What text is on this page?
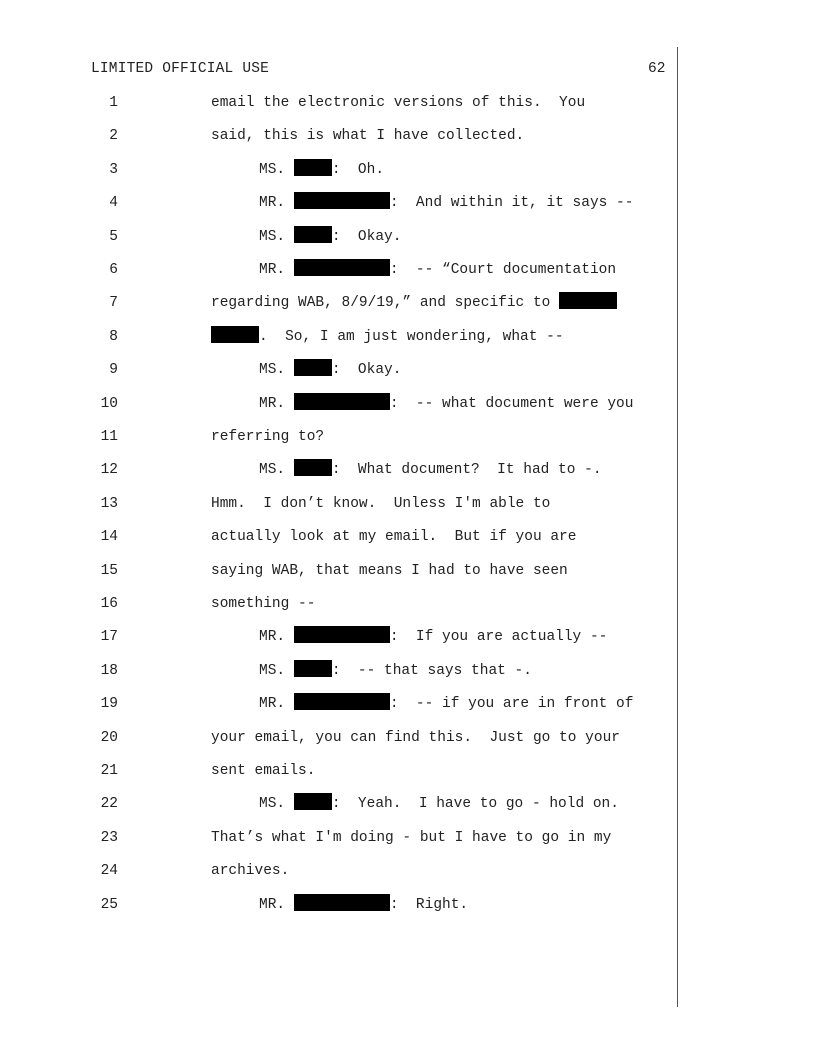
LIMITED OFFICIAL USE	62
1	email the electronic versions of this.  You
2	said, this is what I have collected.
3	MS.	:  Oh.
4	MR.	:  And within it, it says --
5	MS.	:  Okay.
6	MR.	:  -- “Court documentation
7	regarding WAB, 8/9/19,” and specific to
8	.  So, I am just wondering, what --
9	MS.	:  Okay.
10	MR.	:  -- what document were you
11	referring to?
12	MS.	:  What document?  It had to -.
13	Hmm.  I don’t know.  Unless I'm able to
14	actually look at my email.  But if you are
15	saying WAB, that means I had to have seen
16	something --
17	MR.	:  If you are actually --
18	MS.	:  -- that says that -.
19	MR.	:  -- if you are in front of
20	your email, you can find this.  Just go to your
21	sent emails.
22	MS.	:  Yeah.  I have to go - hold on.
23	That’s what I'm doing - but I have to go in my
24	archives.
25	MR.	:  Right.
